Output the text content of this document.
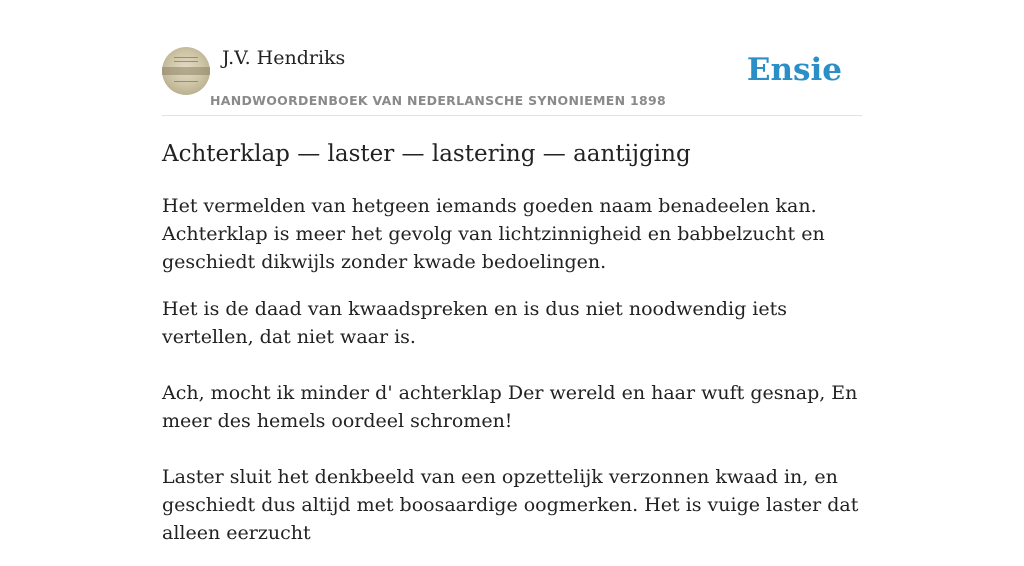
J.V. Hendriks
HANDWOORDENBOEK VAN NEDERLANSCHE SYNONIEMEN 1898
Ensie
Achterklap — laster — lastering — aantijging

Het vermelden van hetgeen iemands goeden naam benadeelen kan. Achterklap is meer het gevolg van lichtzinnigheid en babbelzucht en geschiedt dikwijls zonder kwade bedoelingen.

Het is de daad van kwaadspreken en is dus niet noodwendig iets vertellen, dat niet waar is.

Ach, mocht ik minder d' achterklap Der wereld en haar wuft gesnap, En meer des hemels oordeel schromen!

Laster sluit het denkbeeld van een opzettelijk verzonnen kwaad in, en geschiedt dus altijd met boosaardige oogmerken. Het is vuige laster dat alleen eerzucht
